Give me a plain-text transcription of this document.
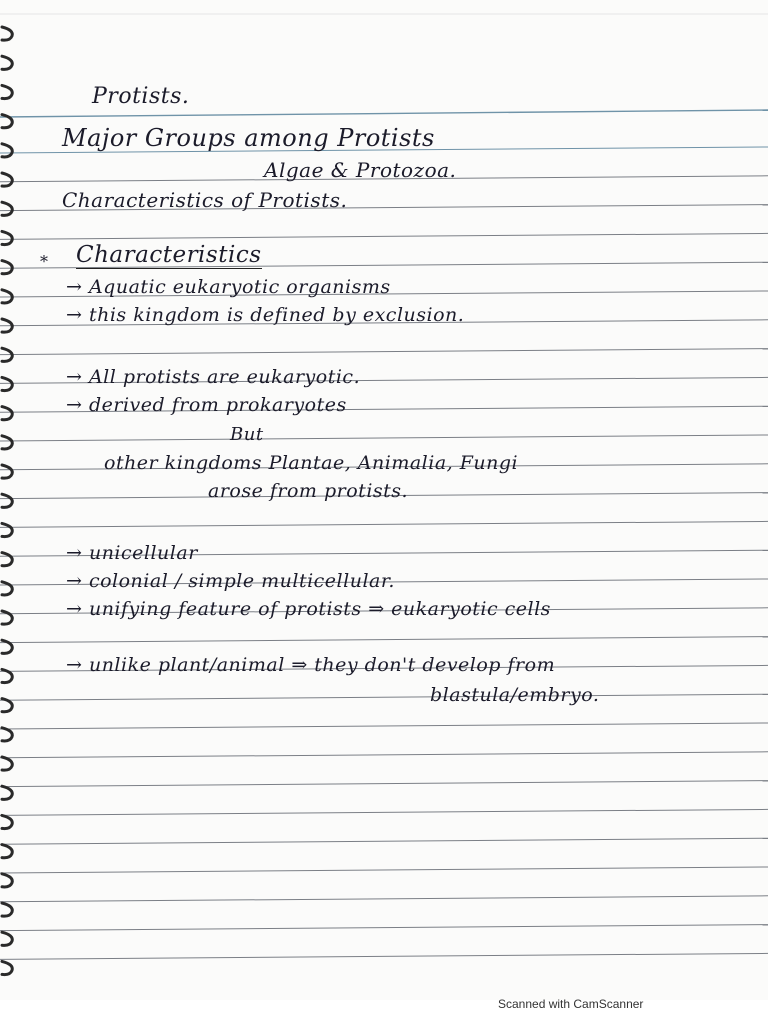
Protists.
Major Groups among Protists
Algae & Protozoa.
Characteristics of Protists.
* Characteristics
→ Aquatic eukaryotic organisms
→ this kingdom is defined by exclusion.
→ All protists are eukaryotic.
→ derived from prokaryotes
But
other kingdoms Plantae, Animalia, Fungi
arose from protists.
→ unicellular
→ colonial / simple multicellular.
→ unifying feature of protists ⇒ eukaryotic cells
→ unlike plant/animal ⇒ they don't develop from
blastula/embryo.
Scanned with CamScanner
